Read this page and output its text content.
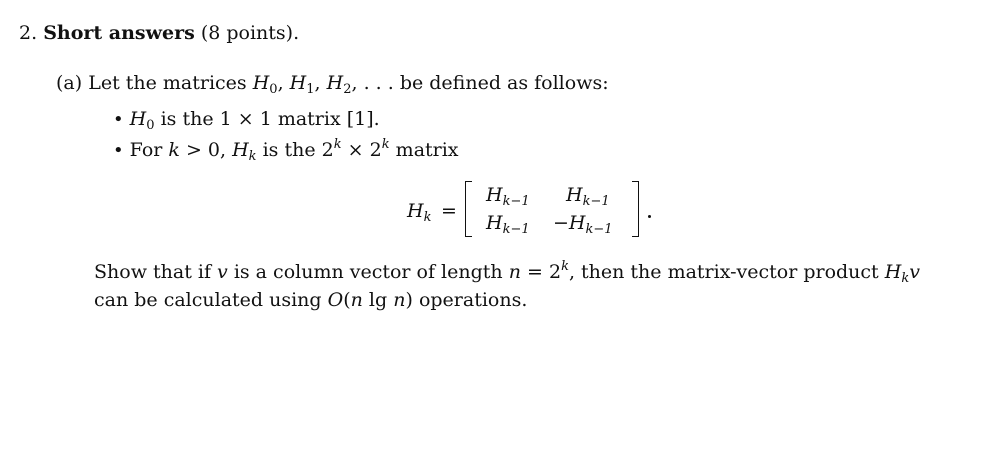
2. Short answers (8 points).
(a) Let the matrices $H_0$, $H_1$, $H_2$, . . . be defined as follows:
• $H_0$ is the 1 × 1 matrix [1].
• For k > 0, $H_k$ is the $2^k \times 2^k$ matrix
$H_k$ =
$H_{k-1}$ $H_{k-1}$
$H_{k-1} -H_{k-1}$
Show that if v is a column vector of length $n = 2^k$, then the matrix-vector product $H_kv$
can be calculated using O(n lg n) operations.
